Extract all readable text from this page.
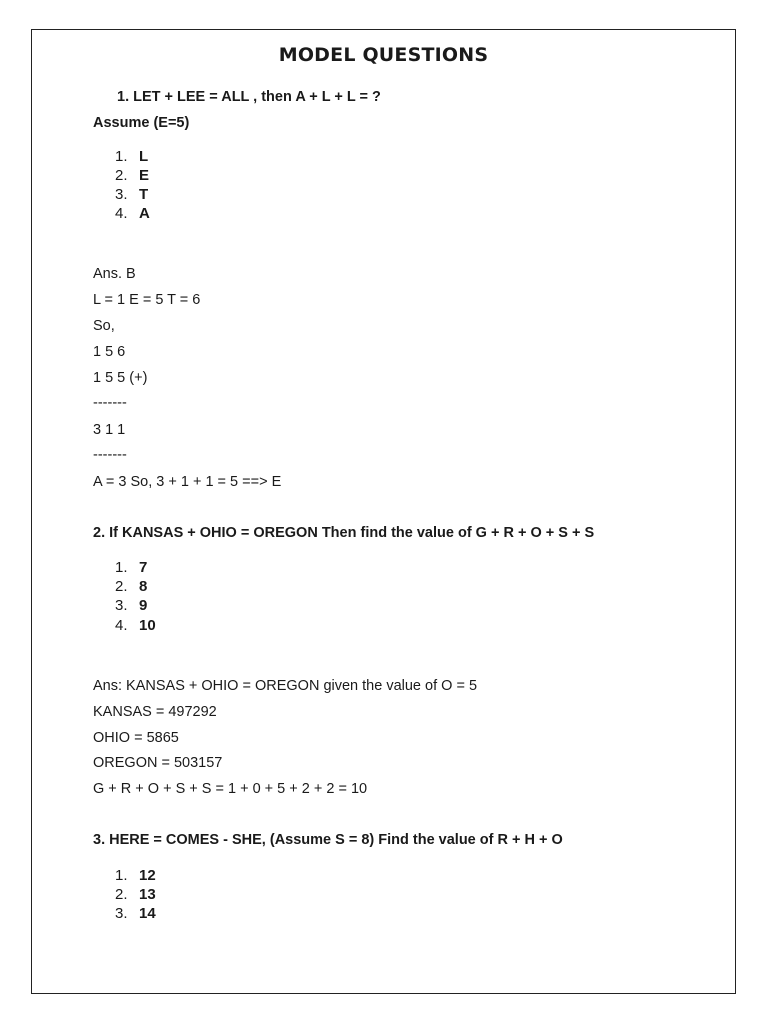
MODEL QUESTIONS
1. LET + LEE = ALL , then A + L + L = ?
Assume (E=5)
1. L
2. E
3. T
4. A
Ans. B
L = 1 E = 5 T = 6
So,
1 5 6
1 5 5 (+)
-------
3 1 1
-------
A = 3 So, 3 + 1 + 1 = 5 ==> E
2. If KANSAS + OHIO = OREGON Then find the value of G + R + O + S + S
1. 7
2. 8
3. 9
4. 10
Ans: KANSAS + OHIO = OREGON given the value of O = 5
KANSAS = 497292
OHIO = 5865
OREGON = 503157
G + R + O + S + S = 1 + 0 + 5 + 2 + 2 = 10
3. HERE = COMES - SHE, (Assume S = 8) Find the value of R + H + O
1. 12
2. 13
3. 14
